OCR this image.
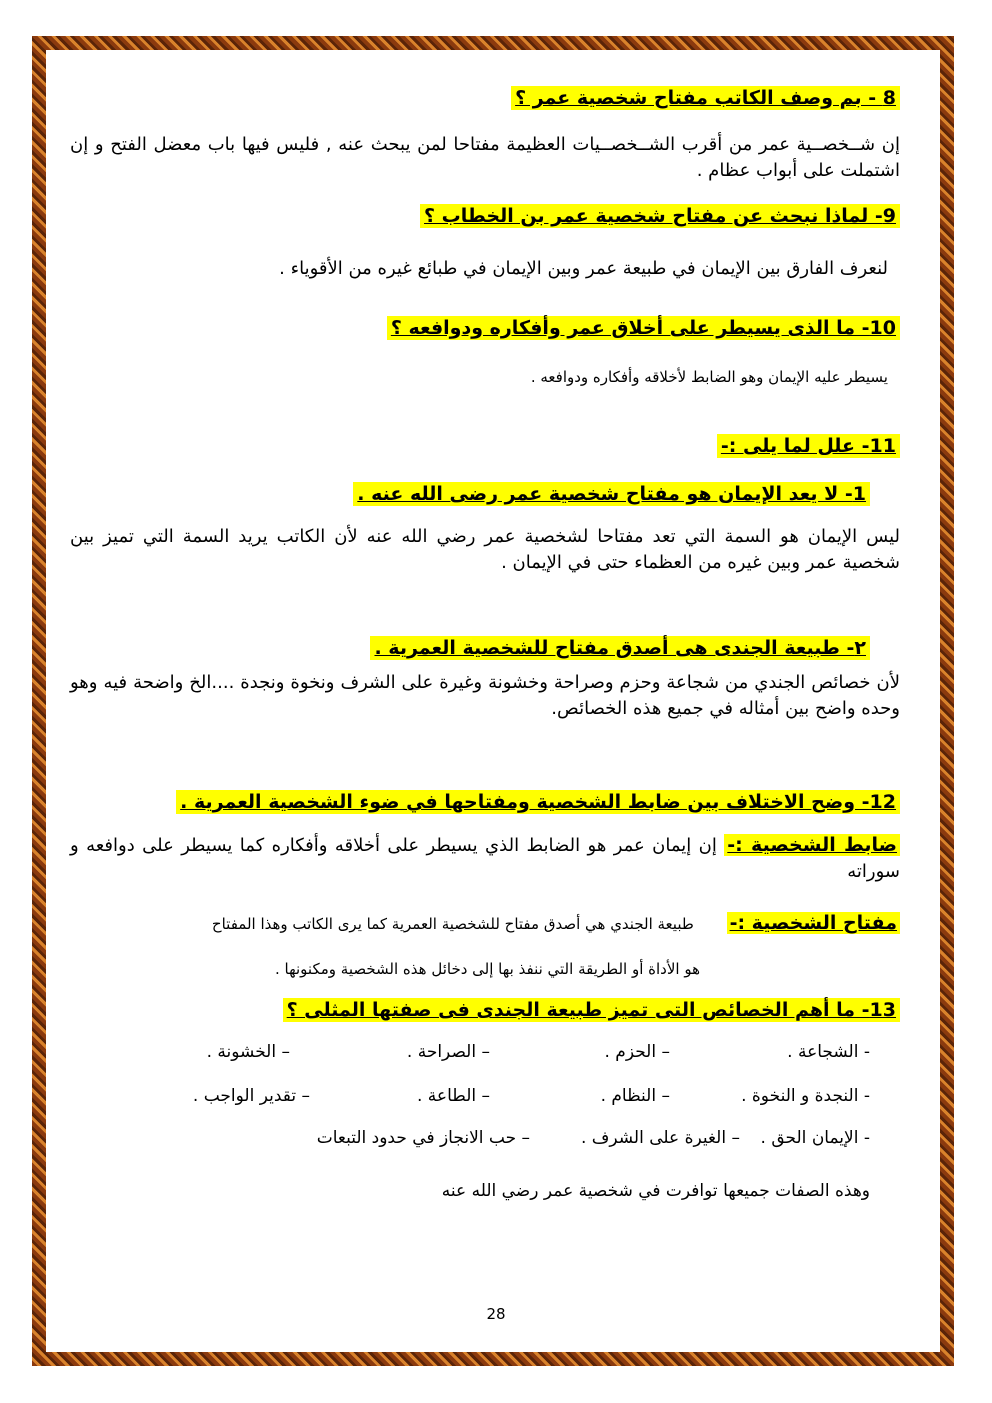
8 - بم وصف الكاتب مفتاح شخصية عمر ؟
إن شــخصــية عمر من أقرب الشــخصــيات العظيمة مفتاحا لمن يبحث عنه , فليس فيها باب معضل الفتح و إن اشتملت على أبواب عظام .
9- لماذا نبحث عن مفتاح شخصية عمر بن الخطاب ؟
لنعرف الفارق بين الإيمان في طبيعة عمر وبين الإيمان في طبائع غيره من الأقوياء .
10- ما الذى يسيطر على أخلاق عمر وأفكاره ودوافعه ؟
يسيطر عليه الإيمان وهو الضابط لأخلاقه وأفكاره ودوافعه .
11- علل لما يلى :-
1- لا يعد الإيمان هو مفتاح شخصية عمر رضى الله عنه .
ليس الإيمان هو السمة التي تعد مفتاحا لشخصية عمر رضي الله عنه لأن الكاتب يريد السمة التي تميز بين شخصية عمر وبين غيره من العظماء حتى في الإيمان .
٢- طبيعة الجندى هى أصدق مفتاح للشخصية العمرية .
لأن خصائص الجندي من شجاعة وحزم وصراحة وخشونة وغيرة على الشرف ونخوة ونجدة ....الخ واضحة فيه وهو وحده واضح بين أمثاله في جميع هذه الخصائص.
12- وضح الاختلاف بين ضابط الشخصية ومفتاحها في ضوء الشخصية العمرية .
ضابط الشخصية :- إن إيمان عمر هو الضابط الذي يسيطر على أخلاقه وأفكاره كما يسيطر على دوافعه و سوراته
مفتاح الشخصية :- طبيعة الجندي هي أصدق مفتاح للشخصية العمرية كما يرى الكاتب وهذا المفتاح
هو الأداة أو الطريقة التي ننفذ بها إلى دخائل هذه الشخصية ومكنونها .
13- ما أهم الخصائص التى تميز طبيعة الجندى فى صفتها المثلى ؟
- الشجاعة .
– الحزم .
– الصراحة .
– الخشونة .
- النجدة و النخوة .
– النظام .
– الطاعة .
– تقدير الواجب .
- الإيمان الحق .
– الغيرة على الشرف .
– حب الانجاز في حدود التبعات
وهذه الصفات جميعها توافرت في شخصية عمر رضي الله عنه
28
